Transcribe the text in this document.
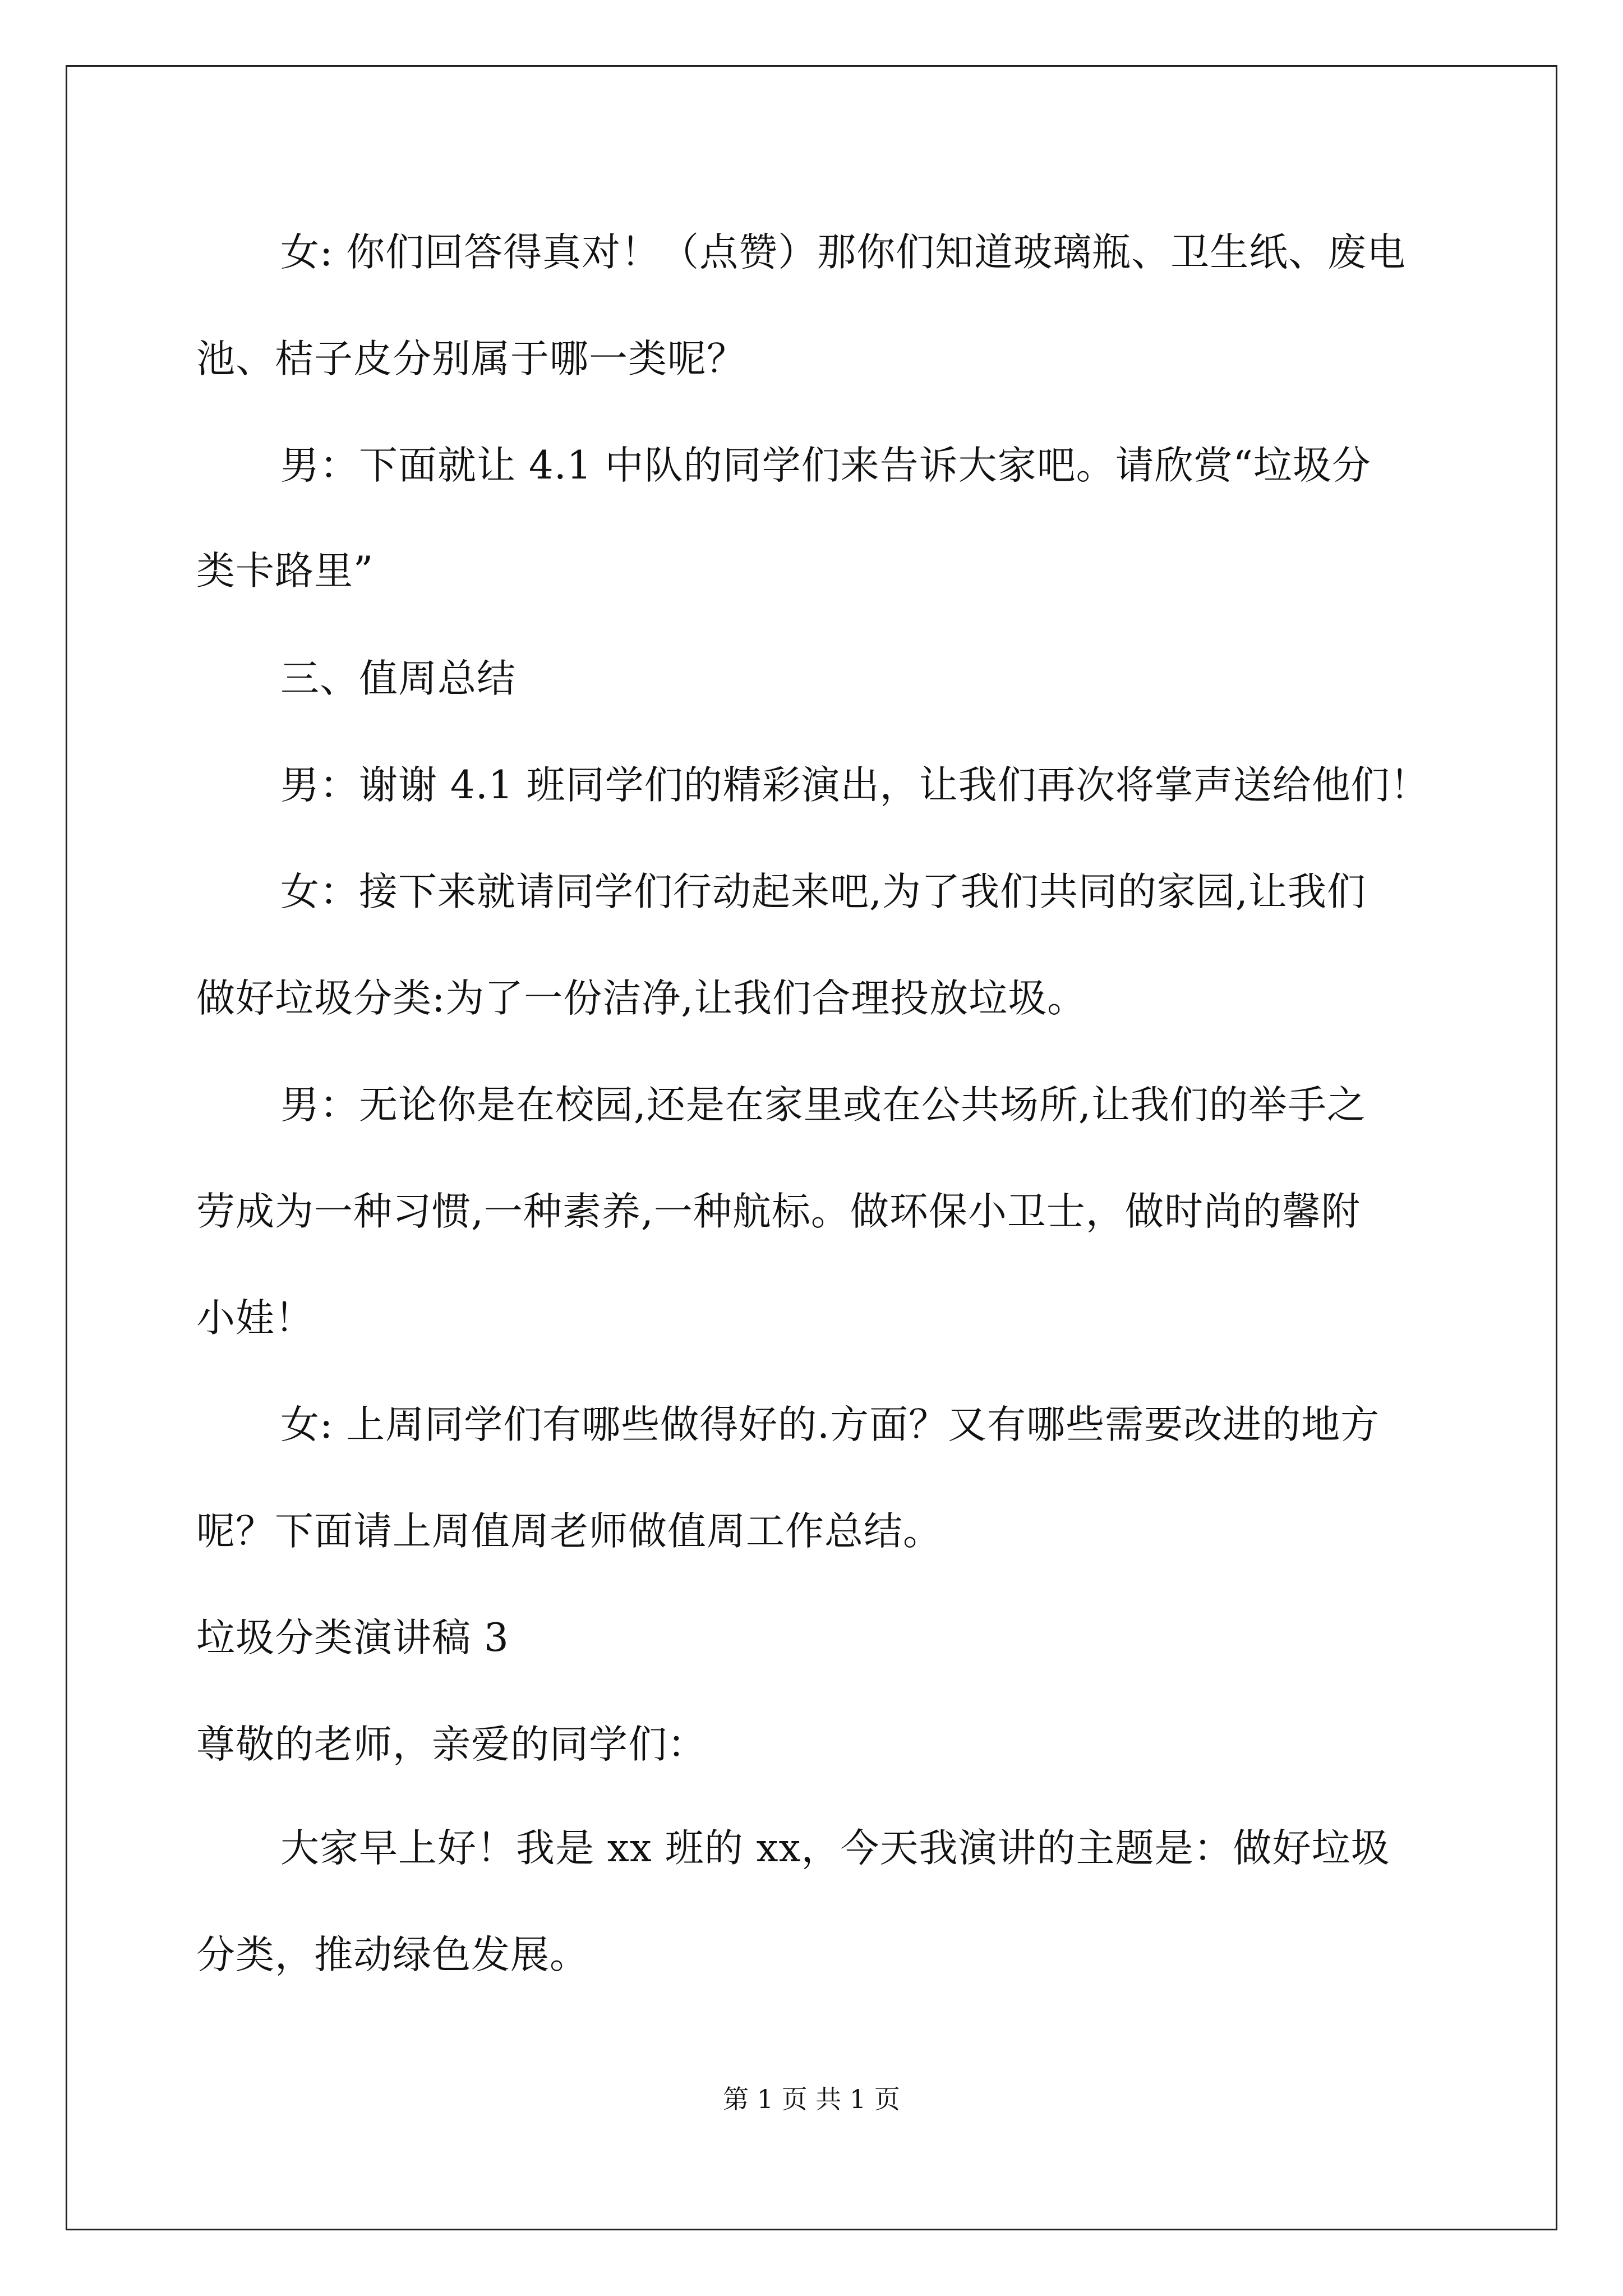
女: 你们回答得真对！（点赞）那你们知道玻璃瓶、卫生纸、废电
池、桔子皮分别属于哪一类呢？
男：下面就让 4.1 中队的同学们来告诉大家吧。请欣赏“垃圾分
类卡路里”
三、值周总结
男：谢谢 4.1 班同学们的精彩演出，让我们再次将掌声送给他们！
女：接下来就请同学们行动起来吧,为了我们共同的家园,让我们
做好垃圾分类:为了一份洁净,让我们合理投放垃圾。
男：无论你是在校园,还是在家里或在公共场所,让我们的举手之
劳成为一种习惯,一种素养,一种航标。做环保小卫士，做时尚的馨附
小娃！
女: 上周同学们有哪些做得好的.方面？又有哪些需要改进的地方
呢？下面请上周值周老师做值周工作总结。
垃圾分类演讲稿 3
尊敬的老师，亲爱的同学们：
大家早上好！我是 xx 班的 xx，今天我演讲的主题是：做好垃圾
分类，推动绿色发展。
第 1 页 共 1 页
